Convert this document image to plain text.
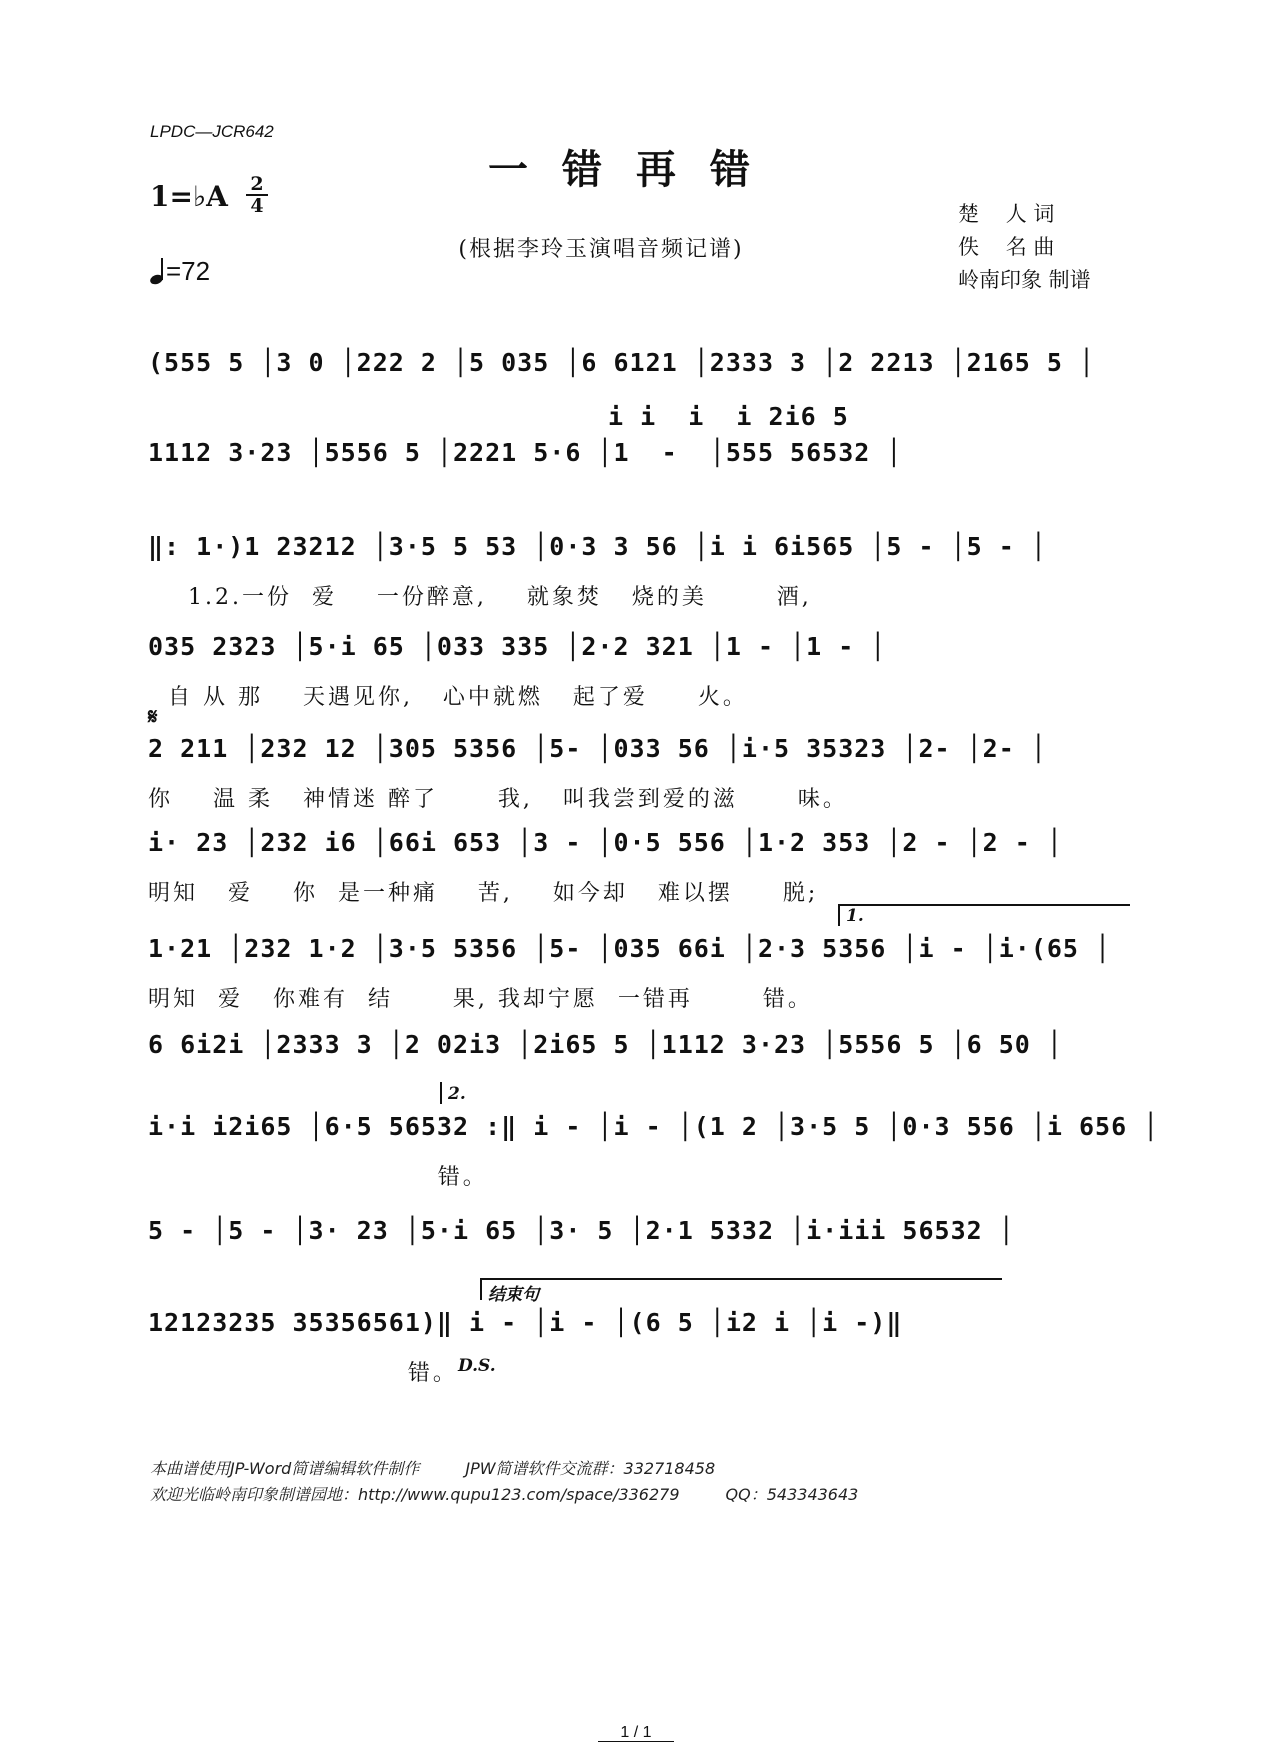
LPDC—JCR642
一错再错
1=♭A $\frac{2}{4}$
=72
(根据李玲玉演唱音频记谱)
楚    人 词
佚    名 曲
岭南印象 制谱
(555 5 │3 0 │222 2 │5 035 │6 6121 │2333 3 │2 2213 │2165 5 │
i i  i  i 2i6 5
1112 3·23 │5556 5 │2221 5·6 │1  -  │555 56532 │
‖: 1·)1 23212 │3·5 5 53 │0·3 3 56 │i i 6i565 │5 - │5 - │
1.2.一份  爱    一份醉意,    就象焚   烧的美       酒,
035 2323 │5·i 65 │033 335 │2·2 321 │1 - │1 - │
自 从 那    天遇见你,   心中就燃   起了爱     火。
𝄋
2 211 │232 12 │305 5356 │5- │033 56 │i·5 35323 │2- │2- │
你    温 柔   神情迷 醉了      我,   叫我尝到爱的滋      味。
i· 23 │232 i6 │66i 653 │3 - │0·5 556 │1·2 353 │2 - │2 - │
明知   爱    你  是一种痛    苦,    如今却   难以摆     脱;
1.
1·21 │232 1·2 │3·5 5356 │5- │035 66i │2·3 5356 │i - │i·(65 │
明知  爱   你难有  结      果, 我却宁愿  一错再       错。
6 6i2i │2333 3 │2 02i3 │2i65 5 │1112 3·23 │5556 5 │6 50 │
2.
i·i i2i65 │6·5 56532 :‖ i - │i - │(1 2 │3·5 5 │0·3 556 │i 656 │
错。
5 - │5 - │3· 23 │5·i 65 │3· 5 │2·1 5332 │i·iii 56532 │
结束句
12123235 35356561)‖ i - │i - │(6 5 │i2 i │i -)‖
错。 D.S.
本曲谱使用JP-Word简谱编辑软件制作	JPW简谱软件交流群：332718458
欢迎光临岭南印象制谱园地：http://www.qupu123.com/space/336279	QQ：543343643
1 / 1
